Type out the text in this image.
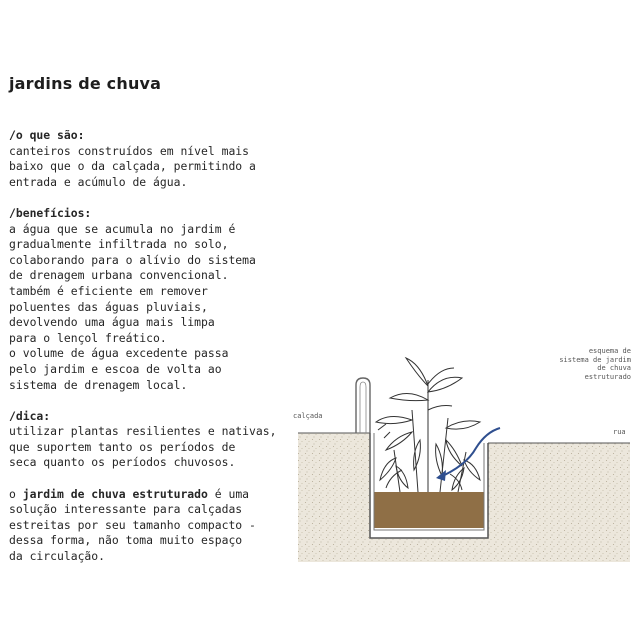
jardins de chuva
/o que são:
canteiros construídos em nível mais
baixo que o da calçada, permitindo a
entrada e acúmulo de água.
/benefícios:
a água que se acumula no jardim é
gradualmente infiltrada no solo,
colaborando para o alívio do sistema
de drenagem urbana convencional.
também é eficiente em remover
poluentes das águas pluviais,
devolvendo uma água mais limpa
para o lençol freático.
o volume de água excedente passa
pelo jardim e escoa de volta ao
sistema de drenagem local.
/dica:
utilizar plantas resilientes e nativas,
que suportem tanto os períodos de
seca quanto os períodos chuvosos.
o jardim de chuva estruturado é uma
solução interessante para calçadas
estreitas por seu tamanho compacto -
dessa forma, não toma muito espaço
da circulação.
calçada
rua
esquema de
sistema de jardim
de chuva
estruturado
